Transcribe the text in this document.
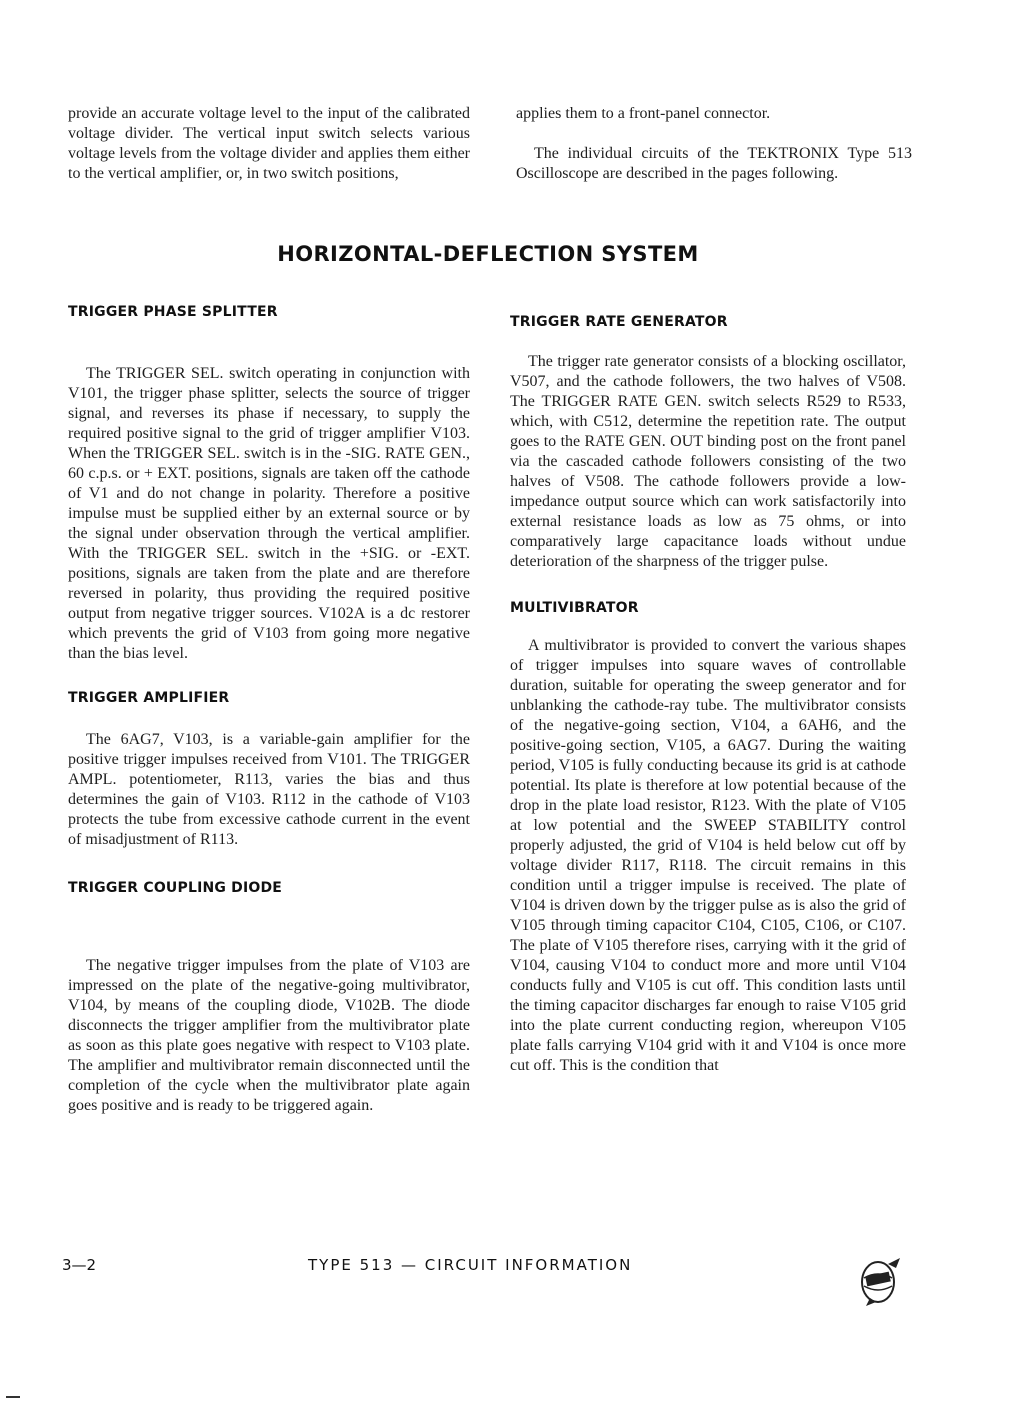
provide an accurate voltage level to the input of the calibrated voltage divider. The vertical input switch selects various voltage levels from the voltage divider and applies them either to the vertical amplifier, or, in two switch positions,

applies them to a front-panel connector.

The individual circuits of the TEKTRONIX Type 513 Oscilloscope are described in the pages following.

HORIZONTAL-DEFLECTION SYSTEM

TRIGGER PHASE SPLITTER

The TRIGGER SEL. switch operating in conjunction with V101, the trigger phase splitter, selects the source of trigger signal, and reverses its phase if necessary, to supply the required positive signal to the grid of trigger amplifier V103. When the TRIGGER SEL. switch is in the -SIG. RATE GEN., 60 c.p.s. or + EXT. positions, signals are taken off the cathode of V1 and do not change in polarity. Therefore a positive impulse must be supplied either by an external source or by the signal under observation through the vertical amplifier. With the TRIGGER SEL. switch in the +SIG. or -EXT. positions, signals are taken from the plate and are therefore reversed in polarity, thus providing the required positive output from negative trigger sources. V102A is a dc restorer which prevents the grid of V103 from going more negative than the bias level.

TRIGGER AMPLIFIER

The 6AG7, V103, is a variable-gain amplifier for the positive trigger impulses received from V101. The TRIGGER AMPL. potentiometer, R113, varies the bias and thus determines the gain of V103. R112 in the cathode of V103 protects the tube from excessive cathode current in the event of misadjustment of R113.

TRIGGER COUPLING DIODE

The negative trigger impulses from the plate of V103 are impressed on the plate of the negative-going multivibrator, V104, by means of the coupling diode, V102B. The diode disconnects the trigger amplifier from the multivibrator plate as soon as this plate goes negative with respect to V103 plate. The amplifier and multivibrator remain disconnected until the completion of the cycle when the multivibrator plate again goes positive and is ready to be triggered again.

TRIGGER RATE GENERATOR

The trigger rate generator consists of a blocking oscillator, V507, and the cathode followers, the two halves of V508. The TRIGGER RATE GEN. switch selects R529 to R533, which, with C512, determine the repetition rate. The output goes to the RATE GEN. OUT binding post on the front panel via the cascaded cathode followers consisting of the two halves of V508. The cathode followers provide a low-impedance output source which can work satisfactorily into external resistance loads as low as 75 ohms, or into comparatively large capacitance loads without undue deterioration of the sharpness of the trigger pulse.

MULTIVIBRATOR

A multivibrator is provided to convert the various shapes of trigger impulses into square waves of controllable duration, suitable for operating the sweep generator and for unblanking the cathode-ray tube. The multivibrator consists of the negative-going section, V104, a 6AH6, and the positive-going section, V105, a 6AG7. During the waiting period, V105 is fully conducting because its grid is at cathode potential. Its plate is therefore at low potential because of the drop in the plate load resistor, R123. With the plate of V105 at low potential and the SWEEP STABILITY control properly adjusted, the grid of V104 is held below cut off by voltage divider R117, R118. The circuit remains in this condition until a trigger impulse is received. The plate of V104 is driven down by the trigger pulse as is also the grid of V105 through timing capacitor C104, C105, C106, or C107. The plate of V105 therefore rises, carrying with it the grid of V104, causing V104 to conduct more and more until V104 conducts fully and V105 is cut off. This condition lasts until the timing capacitor discharges far enough to raise V105 grid into the plate current conducting region, whereupon V105 plate falls carrying V104 grid with it and V104 is once more cut off. This is the condition that

3—2	TYPE 513 — CIRCUIT INFORMATION
